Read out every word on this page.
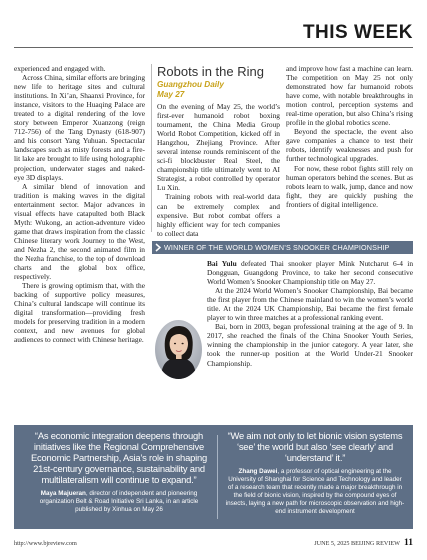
THIS WEEK

experienced and engaged with.

Across China, similar efforts are bringing new life to heritage sites and cultural institutions. In Xi’an, Shaanxi Province, for instance, visitors to the Huaqing Palace are treated to a digital rendering of the love story between Emperor Xuanzong (reign 712-756) of the Tang Dynasty (618-907) and his consort Yang Yuhuan. Spectacular landscapes such as misty forests and a fire-lit lake are brought to life using holographic projection, underwater stages and naked-eye 3D displays.

A similar blend of innovation and tradition is making waves in the digital entertainment sector. Major advances in visual effects have catapulted both Black Myth: Wukong, an action-adventure video game that draws inspiration from the classic Chinese literary work Journey to the West, and Nezha 2, the second animated film in the Nezha franchise, to the top of download charts and the global box office, respectively.

There is growing optimism that, with the backing of supportive policy measures, China’s cultural landscape will continue its digital transformation—providing fresh models for preserving tradition in a modern context, and new avenues for global audiences to connect with Chinese heritage.

Robots in the Ring
Guangzhou Daily
May 27

On the evening of May 25, the world’s first-ever humanoid robot boxing tournament, the China Media Group World Robot Competition, kicked off in Hangzhou, Zhejiang Province. After several intense rounds reminiscent of the sci-fi blockbuster Real Steel, the championship title ultimately went to AI Strategist, a robot controlled by operator Lu Xin.

Training robots with real-world data can be extremely complex and expensive. But robot combat offers a highly efficient way for tech companies to collect data

and improve how fast a machine can learn. The competition on May 25 not only demonstrated how far humanoid robots have come, with notable breakthroughs in motion control, perception systems and real-time operation, but also China’s rising profile in the global robotics scene.

Beyond the spectacle, the event also gave companies a chance to test their robots, identify weaknesses and push for further technological upgrades.

For now, these robot fights still rely on human operators behind the scenes. But as robots learn to walk, jump, dance and now fight, they are quickly pushing the frontiers of digital intelligence.

WINNER OF THE WORLD WOMEN’S SNOOKER CHAMPIONSHIP

Bai Yulu defeated Thai snooker player Mink Nutcharut 6-4 in Dongguan, Guangdong Province, to take her second consecutive World Women’s Snooker Championship title on May 27.

At the 2024 World Women’s Snooker Championship, Bai became the first player from the Chinese mainland to win the women’s world title. At the 2024 UK Championship, Bai became the first female player to win three matches at a professional ranking event.

Bai, born in 2003, began professional training at the age of 9. In 2017, she reached the finals of the China Snooker Youth Series, winning the championship in the junior category. A year later, she took the runner-up position at the World Under-21 Snooker Championship.

“As economic integration deepens through initiatives like the Regional Comprehensive Economic Partnership, Asia’s role in shaping 21st-century governance, sustainability and multilateralism will continue to expand.”
Maya Majueran, director of independent and pioneering organization Belt & Road Initiative Sri Lanka, in an article published by Xinhua on May 26
“We aim not only to let bionic vision systems ‘see’ the world but also ‘see clearly’ and ‘understand’ it.”
Zhang Dawei, a professor of optical engineering at the University of Shanghai for Science and Technology and leader of a research team that recently made a major breakthrough in the field of bionic vision, inspired by the compound eyes of insects, laying a new path for microscopic observation and high-end instrument development
http://www.bjreview.com	JUNE 5, 2025 BEIJING REVIEW 11
